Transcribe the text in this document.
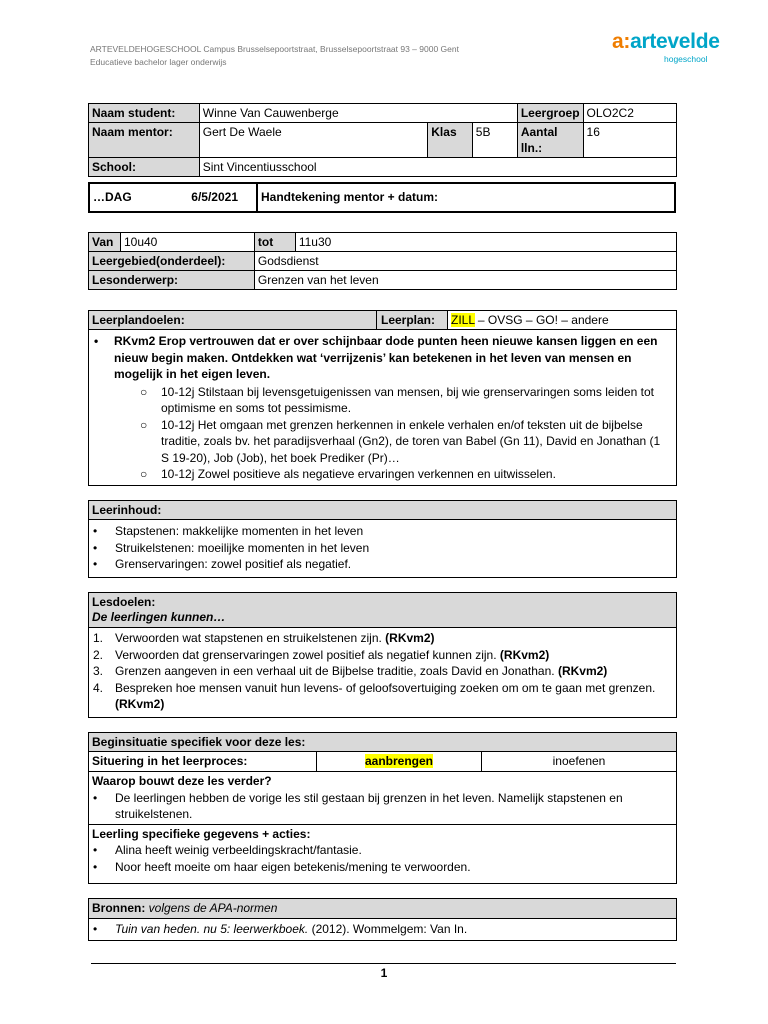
ARTEVELDEHOGESCHOOL Campus Brusselsepoortstraat, Brusselsepoortstraat 93 – 9000 Gent
Educatieve bachelor lager onderwijs
a:artevelde
hogeschool
Naam student:	Winne Van Cauwenberge			Leergroep	OLO2C2
Naam mentor:	Gert De Waele	Klas	5B	Aantal lln.:	16
School:	Sint Vincentiusschool				
…DAG	6/5/2021	Handtekening mentor + datum:
Van	10u40	tot	11u30
Leergebied(onderdeel):		Godsdienst	
Lesonderwerp:		Grenzen van het leven	
Leerplandoelen:	Leerplan:	ZILL – OVSG – GO! – andere
• RKvm2 Erop vertrouwen dat er over schijnbaar dode punten heen nieuwe kansen liggen en een nieuw begin maken. Ontdekken wat ‘verrijzenis’ kan betekenen in het leven van mensen en mogelijk in het eigen leven.
○ 10-12j Stilstaan bij levensgetuigenissen van mensen, bij wie grenservaringen soms leiden tot optimisme en soms tot pessimisme.
○ 10-12j Het omgaan met grenzen herkennen in enkele verhalen en/of teksten uit de bijbelse traditie, zoals bv. het paradijsverhaal (Gn2), de toren van Babel (Gn 11), David en Jonathan (1 S 19-20), Job (Job), het boek Prediker (Pr)…
○ 10-12j Zowel positieve als negatieve ervaringen verkennen en uitwisselen.
Leerinhoud:
• Stapstenen: makkelijke momenten in het leven
• Struikelstenen: moeilijke momenten in het leven
• Grenservaringen: zowel positief als negatief.
Lesdoelen:
De leerlingen kunnen…
1. Verwoorden wat stapstenen en struikelstenen zijn. (RKvm2)
2. Verwoorden dat grenservaringen zowel positief als negatief kunnen zijn. (RKvm2)
3. Grenzen aangeven in een verhaal uit de Bijbelse traditie, zoals David en Jonathan. (RKvm2)
4. Bespreken hoe mensen vanuit hun levens- of geloofsovertuiging zoeken om om te gaan met grenzen. (RKvm2)
Beginsituatie specifiek voor deze les:
Situering in het leerproces:	aanbrengen	inoefenen
Waarop bouwt deze les verder?
• De leerlingen hebben de vorige les stil gestaan bij grenzen in het leven. Namelijk stapstenen en struikelstenen.
Leerling specifieke gegevens + acties:
• Alina heeft weinig verbeeldingskracht/fantasie.
• Noor heeft moeite om haar eigen betekenis/mening te verwoorden.
Bronnen: volgens de APA-normen
• Tuin van heden. nu 5: leerwerkboek. (2012). Wommelgem: Van In.
1
